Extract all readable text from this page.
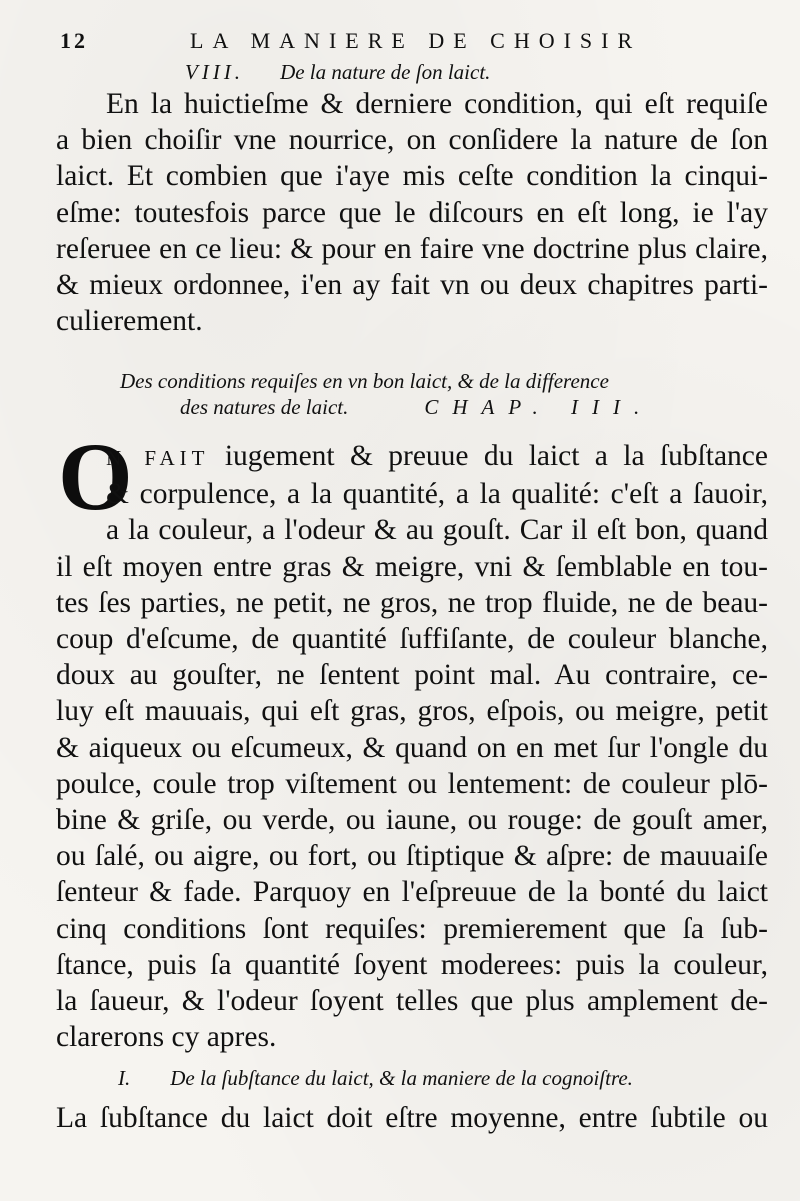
12	LA MANIERE DE CHOISIR
VIII. De la nature de ſon laict.
En la huictieſme & derniere condition, qui eſt requiſe
a bien choiſir vne nourrice, on conſidere la nature de ſon
laict. Et combien que i'aye mis ceſte condition la cinqui-
eſme: toutesfois parce que le diſcours en eſt long, ie l'ay
reſeruee en ce lieu: & pour en faire vne doctrine plus claire,
& mieux ordonnee, i'en ay fait vn ou deux chapitres parti-
culierement.
Des conditions requiſes en vn bon laict, & de la difference
des natures de laict.	CHAP. III.
O
N FAIT iugement & preuue du laict a la ſubſtance
& corpulence, a la quantité, a la qualité: c'eſt a ſauoir,
a la couleur, a l'odeur & au gouſt. Car il eſt bon, quand
il eſt moyen entre gras & meigre, vni & ſemblable en tou-
tes ſes parties, ne petit, ne gros, ne trop fluide, ne de beau-
coup d'eſcume, de quantité ſuffiſante, de couleur blanche,
doux au gouſter, ne ſentent point mal. Au contraire, ce-
luy eſt mauuais, qui eſt gras, gros, eſpois, ou meigre, petit
& aiqueux ou eſcumeux, & quand on en met ſur l'ongle du
poulce, coule trop viſtement ou lentement: de couleur plō-
bine & griſe, ou verde, ou iaune, ou rouge: de gouſt amer,
ou ſalé, ou aigre, ou fort, ou ſtiptique & aſpre: de mauuaiſe
ſenteur & fade. Parquoy en l'eſpreuue de la bonté du laict
cinq conditions ſont requiſes: premierement que ſa ſub-
ſtance, puis ſa quantité ſoyent moderees: puis la couleur,
la ſaueur, & l'odeur ſoyent telles que plus amplement de-
clarerons cy apres.
I. De la ſubſtance du laict, & la maniere de la cognoiſtre.
La ſubſtance du laict doit eſtre moyenne, entre ſubtile ou
